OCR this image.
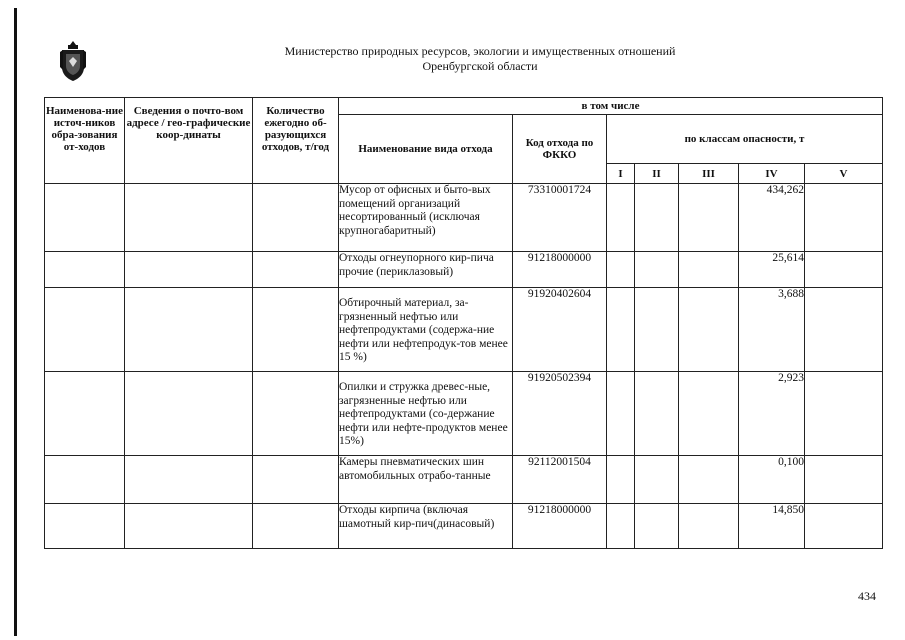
Министерство природных ресурсов, экологии и имущественных отношений
Оренбургской области
Наименова-ние источ-ников обра-зования от-ходов	Сведения о почто-вом адресе / гео-графические коор-динаты	Количество ежегодно об-разующихся отходов, т/год	в том числе						
			Наименование вида отхода	Код отхода по ФККО	по классам опасности, т				
					I	II	III	IV	V
			Мусор от офисных и быто-вых помещений организаций несортированный (исключая крупногабаритный)	73310001724				434,262	
			Отходы огнеупорного кир-пича прочие (периклазовый)	91218000000				25,614	
			Обтирочный материал, за-грязненный нефтью или нефтепродуктами (содержа-ние нефти или нефтепродук-тов менее 15 %)	91920402604				3,688	
			Опилки и стружка древес-ные, загрязненные нефтью или нефтепродуктами (со-держание нефти или нефте-продуктов менее 15%)	91920502394				2,923	
			Камеры пневматических шин автомобильных отрабо-танные	92112001504				0,100	
			Отходы кирпича (включая шамотный кир-пич(динасовый)	91218000000				14,850	
434
